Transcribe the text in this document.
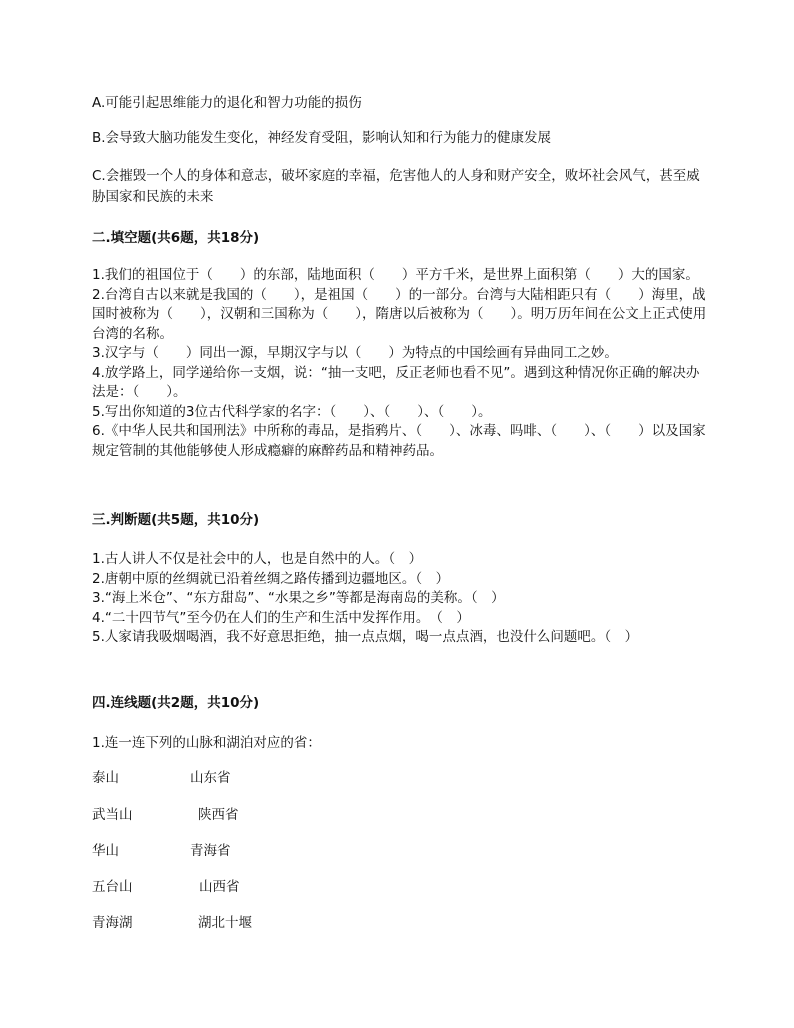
A.可能引起思维能力的退化和智力功能的损伤
B.会导致大脑功能发生变化，神经发育受阻，影响认知和行为能力的健康发展
C.会摧毁一个人的身体和意志，破坏家庭的幸福，危害他人的人身和财产安全，败坏社会风气，甚至威胁国家和民族的未来
二.填空题(共6题，共18分)
1.我们的祖国位于（　　）的东部，陆地面积（　　）平方千米，是世界上面积第（　　）大的国家。
2.台湾自古以来就是我国的（　　），是祖国（　　）的一部分。台湾与大陆相距只有（　　）海里，战国时被称为（　　），汉朝和三国称为（　　），隋唐以后被称为（　　）。明万历年间在公文上正式使用台湾的名称。
3.汉字与（　　）同出一源，早期汉字与以（　　）为特点的中国绘画有异曲同工之妙。
4.放学路上，同学递给你一支烟，说：“抽一支吧，反正老师也看不见”。遇到这种情况你正确的解决办法是：（　　）。
5.写出你知道的3位古代科学家的名字：（　　）、（　　）、（　　）。
6.《中华人民共和国刑法》中所称的毒品，是指鸦片、（　　）、冰毒、吗啡、（　　）、（　　）以及国家规定管制的其他能够使人形成瘾癖的麻醉药品和精神药品。
三.判断题(共5题，共10分)
1.古人讲人不仅是社会中的人，也是自然中的人。（　）
2.唐朝中原的丝绸就已沿着丝绸之路传播到边疆地区。（　）
3.“海上米仓”、“东方甜岛”、“水果之乡”等都是海南岛的美称。（　）
4.“二十四节气”至今仍在人们的生产和生活中发挥作用。　（　）
5.人家请我吸烟喝酒，我不好意思拒绝，抽一点点烟，喝一点点酒，也没什么问题吧。（　）
四.连线题(共2题，共10分)
1.连一连下列的山脉和湖泊对应的省：
泰山	山东省
武当山	陕西省
华山	青海省
五台山	山西省
青海湖	湖北十堰
